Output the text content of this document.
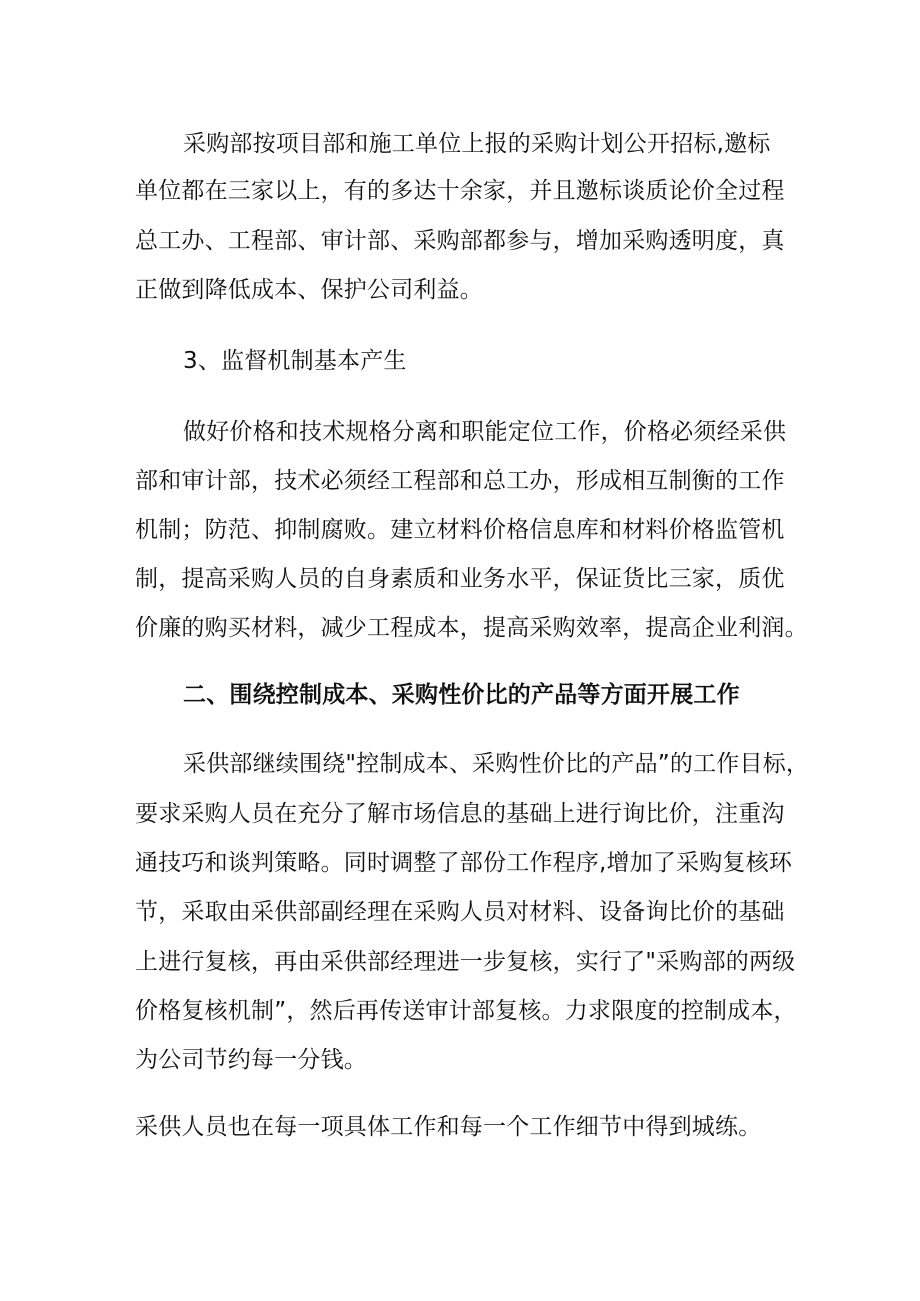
采购部按项目部和施工单位上报的采购计划公开招标,邀标
单位都在三家以上，有的多达十余家，并且邀标谈质论价全过程
总工办、工程部、审计部、采购部都参与，增加采购透明度，真
正做到降低成本、保护公司利益。
3、监督机制基本产生
做好价格和技术规格分离和职能定位工作，价格必须经采供
部和审计部，技术必须经工程部和总工办，形成相互制衡的工作
机制；防范、抑制腐败。建立材料价格信息库和材料价格监管机
制，提高采购人员的自身素质和业务水平，保证货比三家，质优
价廉的购买材料，减少工程成本，提高采购效率，提高企业利润。
二、围绕控制成本、采购性价比的产品等方面开展工作
采供部继续围绕"控制成本、采购性价比的产品”的工作目标，
要求采购人员在充分了解市场信息的基础上进行询比价，注重沟
通技巧和谈判策略。同时调整了部份工作程序,增加了采购复核环
节，采取由采供部副经理在采购人员对材料、设备询比价的基础
上进行复核，再由采供部经理进一步复核，实行了"采购部的两级
价格复核机制”，然后再传送审计部复核。力求限度的控制成本，
为公司节约每一分钱。
采供人员也在每一项具体工作和每一个工作细节中得到城练。
